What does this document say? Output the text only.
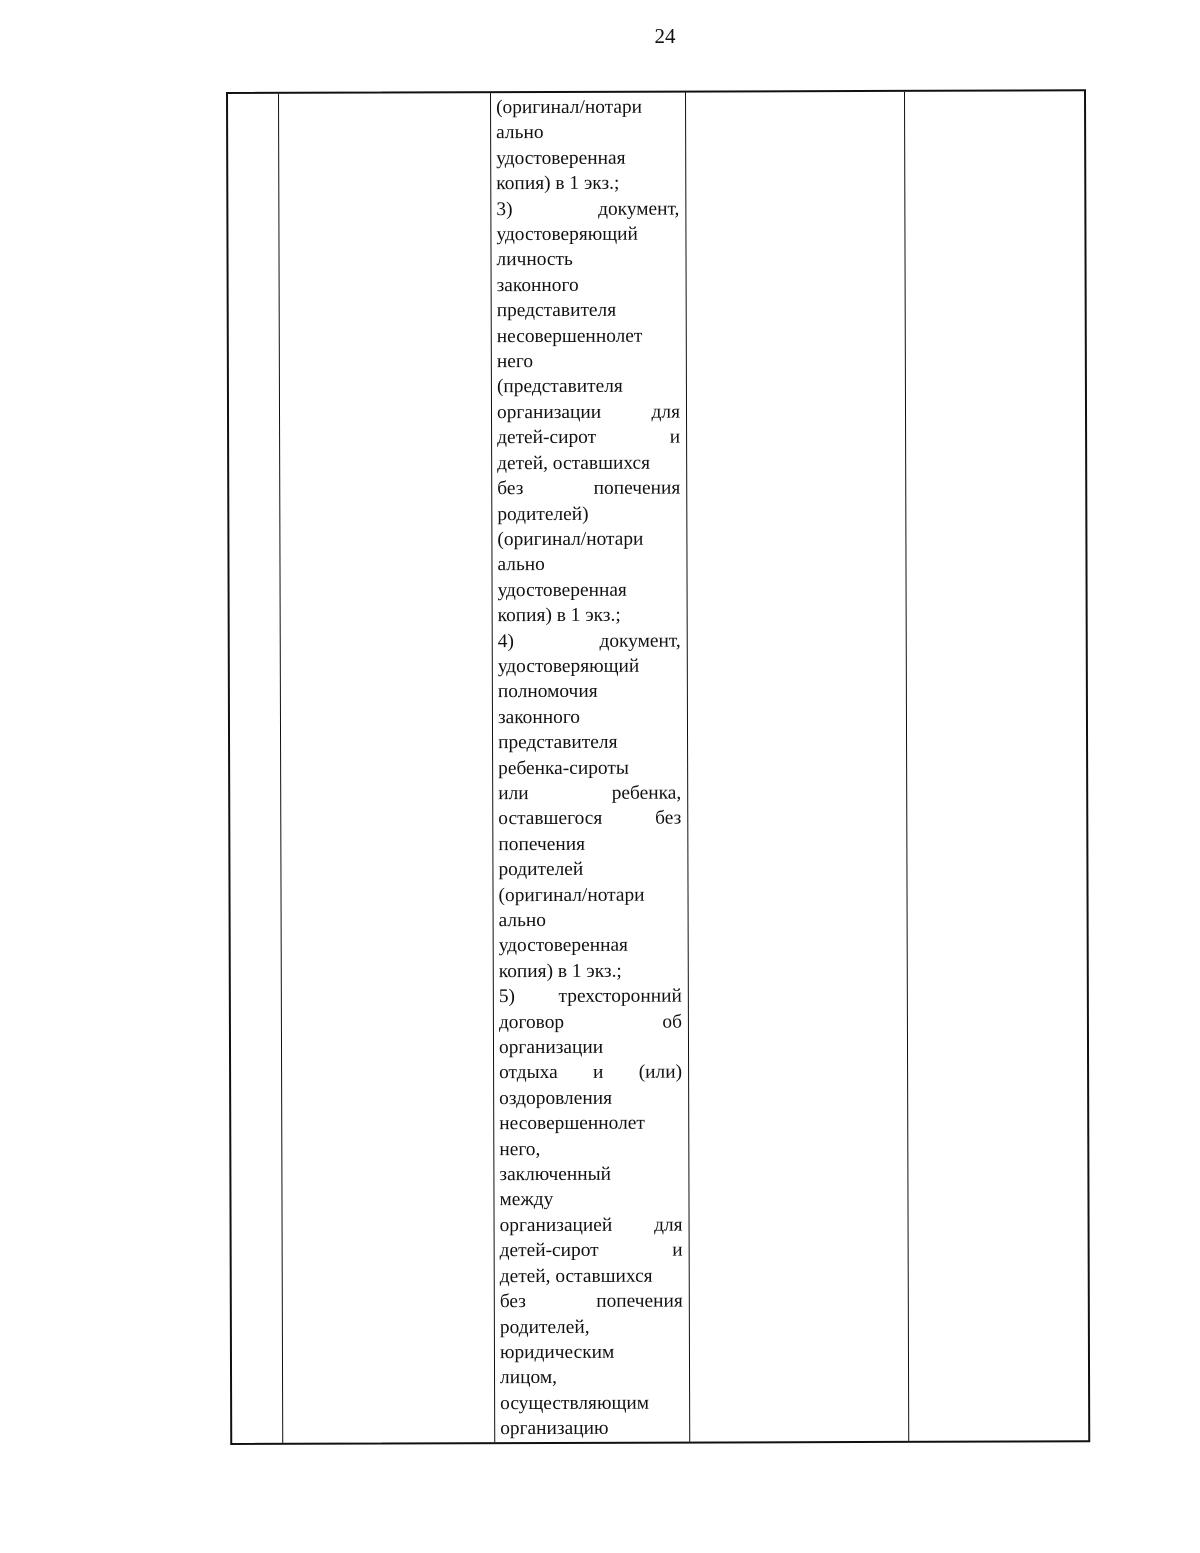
24
(оригинал/нотари
ально
удостоверенная
копия) в 1 экз.;
3)	документ,
удостоверяющий
личность
законного
представителя
несовершеннолет
него
(представителя
организации	для
детей-сирот	и
детей, оставшихся
без	попечения
родителей)
(оригинал/нотари
ально
удостоверенная
копия) в 1 экз.;
4)	документ,
удостоверяющий
полномочия
законного
представителя
ребенка-сироты
или	ребенка,
оставшегося	без
попечения
родителей
(оригинал/нотари
ально
удостоверенная
копия) в 1 экз.;
5) трехсторонний
договор	об
организации
отдыха и (или)
оздоровления
несовершеннолет
него,
заключенный
между
организацией для
детей-сирот	и
детей, оставшихся
без	попечения
родителей,
юридическим
лицом,
осуществляющим
организацию
